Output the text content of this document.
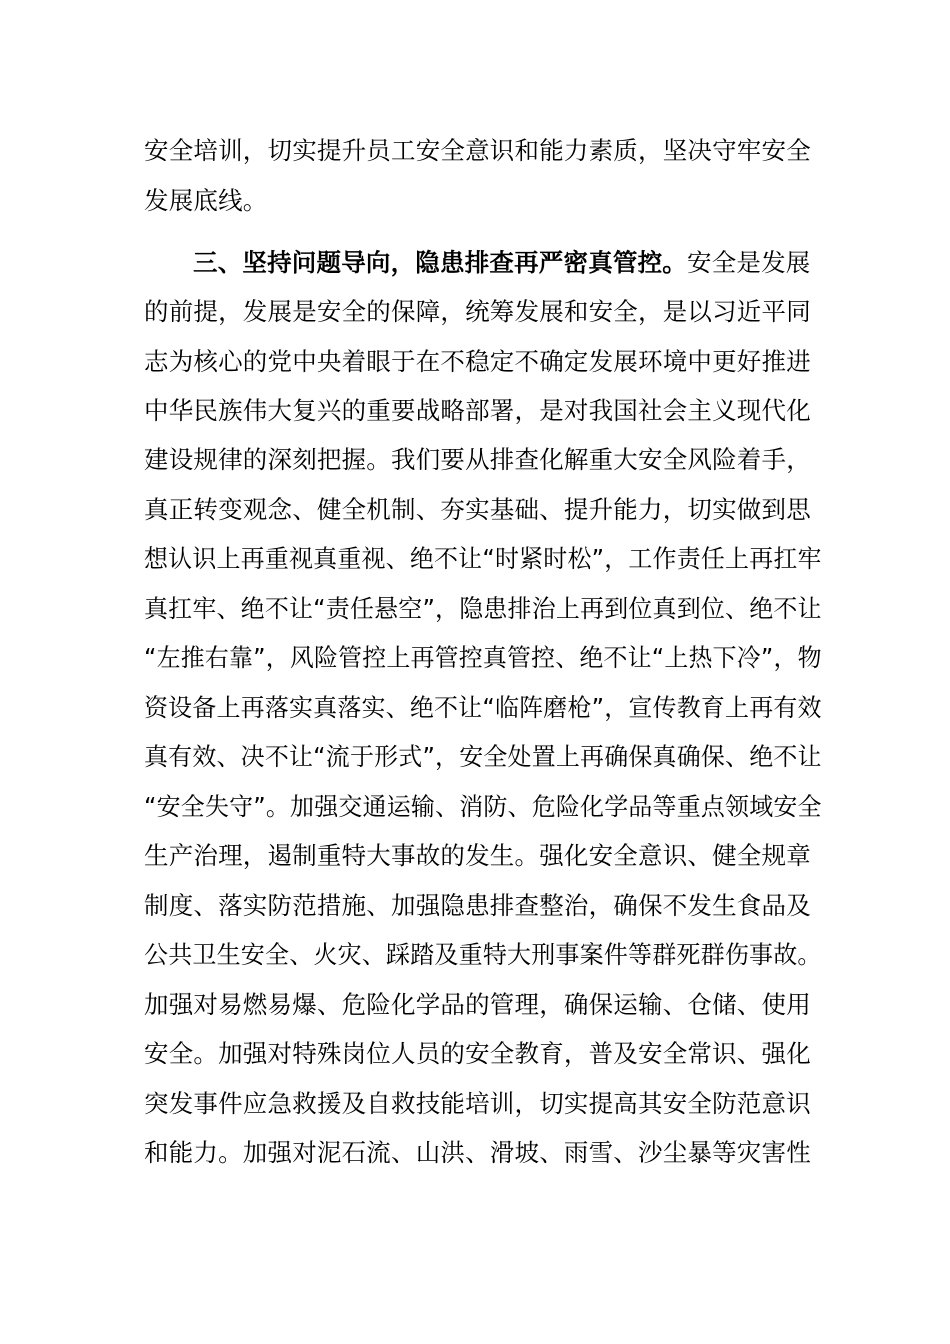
安全培训，切实提升员工安全意识和能力素质，坚决守牢安全
发展底线。
三、坚持问题导向，隐患排查再严密真管控。安全是发展
的前提，发展是安全的保障，统筹发展和安全，是以习近平同
志为核心的党中央着眼于在不稳定不确定发展环境中更好推进
中华民族伟大复兴的重要战略部署，是对我国社会主义现代化
建设规律的深刻把握。我们要从排查化解重大安全风险着手，
真正转变观念、健全机制、夯实基础、提升能力，切实做到思
想认识上再重视真重视、绝不让“时紧时松”，工作责任上再扛牢
真扛牢、绝不让“责任悬空”，隐患排治上再到位真到位、绝不让
“左推右靠”，风险管控上再管控真管控、绝不让“上热下冷”，物
资设备上再落实真落实、绝不让“临阵磨枪”，宣传教育上再有效
真有效、决不让“流于形式”，安全处置上再确保真确保、绝不让
“安全失守”。加强交通运输、消防、危险化学品等重点领域安全
生产治理，遏制重特大事故的发生。强化安全意识、健全规章
制度、落实防范措施、加强隐患排查整治，确保不发生食品及
公共卫生安全、火灾、踩踏及重特大刑事案件等群死群伤事故。
加强对易燃易爆、危险化学品的管理，确保运输、仓储、使用
安全。加强对特殊岗位人员的安全教育，普及安全常识、强化
突发事件应急救援及自救技能培训，切实提高其安全防范意识
和能力。加强对泥石流、山洪、滑坡、雨雪、沙尘暴等灾害性
